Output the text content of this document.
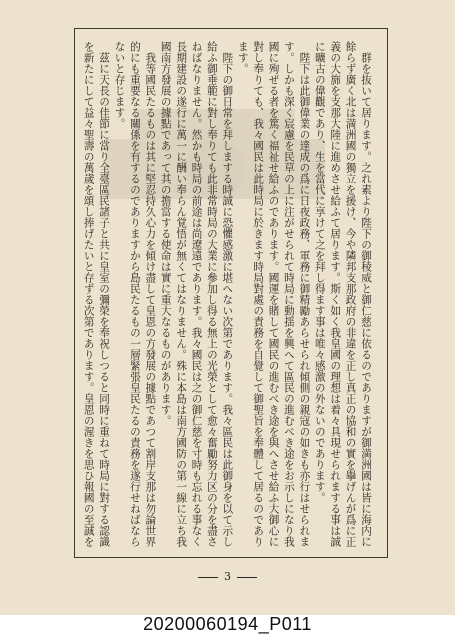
群を抜いて居ります。之れ素より陛下の御稜威と御仁慈に依るのでありますが御満洲國は皆に海内に餘らず廣く北は満洲國の獨立を援け、今や隣邦支那政府の非違を正し真正の協和の實を擧げんが爲に正義の大旆を支那大陸に進めさせ給ふて居ります。斯く如く我皇國の理想は着々具現せられまする事は誠に曠古の偉觀であり、生を當代に享けて之を拜し得ます事は唯々感激の外ないのであります。

陛下は此御偉業の達成の爲に日夜政務、軍務に御精勵あらせられ傾側の親寇の如きも亦行はせられます。しかも深く宸慮を民草の上に注がせられて時局に動揺を興へて區民の進むべき途をお示しになり我國に殉ぜる者を篤く福祉せ給ふのであります。國運を賭して國民の進むべき途を與へさせ給ふ大御心に對し奉りても、我々國民は此時局に於きます時局對處の責務を自覺して御聖旨を奉體して居るのであります。

陛下の御日常を拜しまする時誠に恐懼感激に堪へない次第であります。我々區民は此御身を以て示し給ふ御垂範に對し奉りても此非常時局の大業に參加し得る無上の光榮として愈々奮勵努力区の分を盡さねばなりません。然かも時局の前途は尚遼遠であります。我々國民は之の御仁慈を寸時も忘れる事なく長期建設の遂行に萬一に酬い奉らん覚悟が無くてはなりません。殊に本島は南方國防の第一線に立ち我國南方發展の據點であって其の擔當する使命は實に重大なるものがあります。

我等國民たるものは其に堅忍持久心力を傾け盡して皇恩の方發展の據點であつて割岸支那は勿論世界的にも重要なる關係を有するのでありますから島民たるもの一層緊張皇民たるの責務を遂行せねばならないと存じます。

茲に天長の佳節に當り全臺區民諸子と共に皇室の彌榮を奉祝しつると同時に重ねて時局に對する認識を新たにして益々聖壽の萬歲を頌し捧げたいと存ずる次第であります。皇恩の渥きを思ひ報國の至誠を

3
20200060194_P011
